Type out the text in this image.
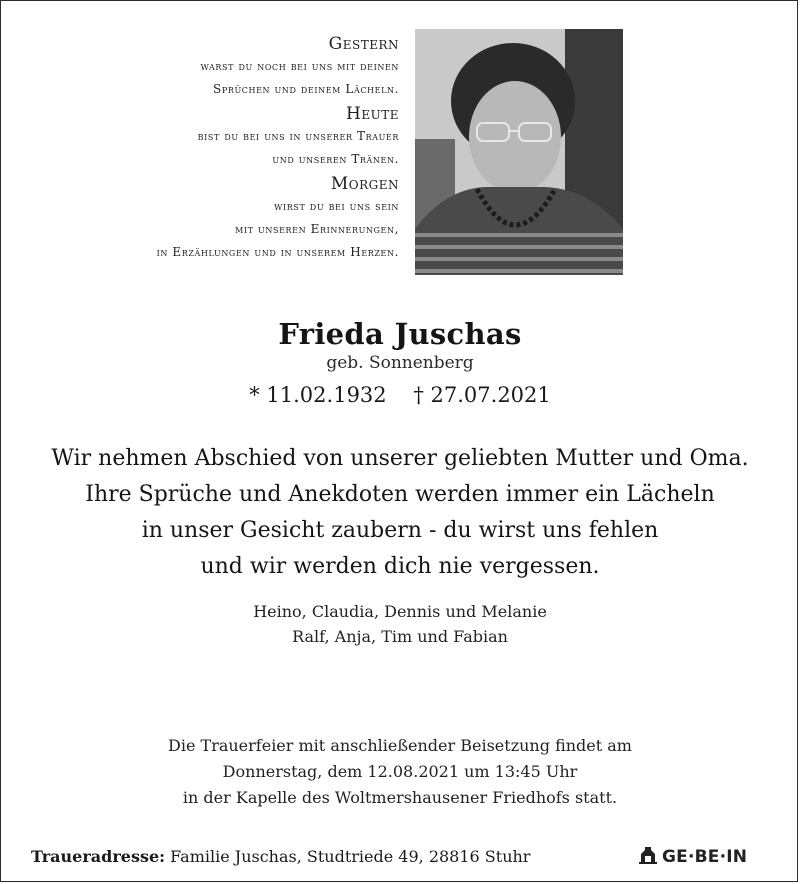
Gestern
warst du noch bei uns mit deinen
Sprüchen und deinem Lächeln.
Heute
bist du bei uns in unserer Trauer
und unseren Tränen.
Morgen
wirst du bei uns sein
mit unseren Erinnerungen,
in Erzählungen und in unserem Herzen.
Frieda Juschas
geb. Sonnenberg
* 11.02.1932 † 27.07.2021
Wir nehmen Abschied von unserer geliebten Mutter und Oma.
Ihre Sprüche und Anekdoten werden immer ein Lächeln
in unser Gesicht zaubern - du wirst uns fehlen
und wir werden dich nie vergessen.
Heino, Claudia, Dennis und Melanie
Ralf, Anja, Tim und Fabian
Die Trauerfeier mit anschließender Beisetzung findet am
Donnerstag, dem 12.08.2021 um 13:45 Uhr
in der Kapelle des Woltmershausener Friedhofs statt.
Traueradresse: Familie Juschas, Studtriede 49, 28816 Stuhr	GE·BE·IN
